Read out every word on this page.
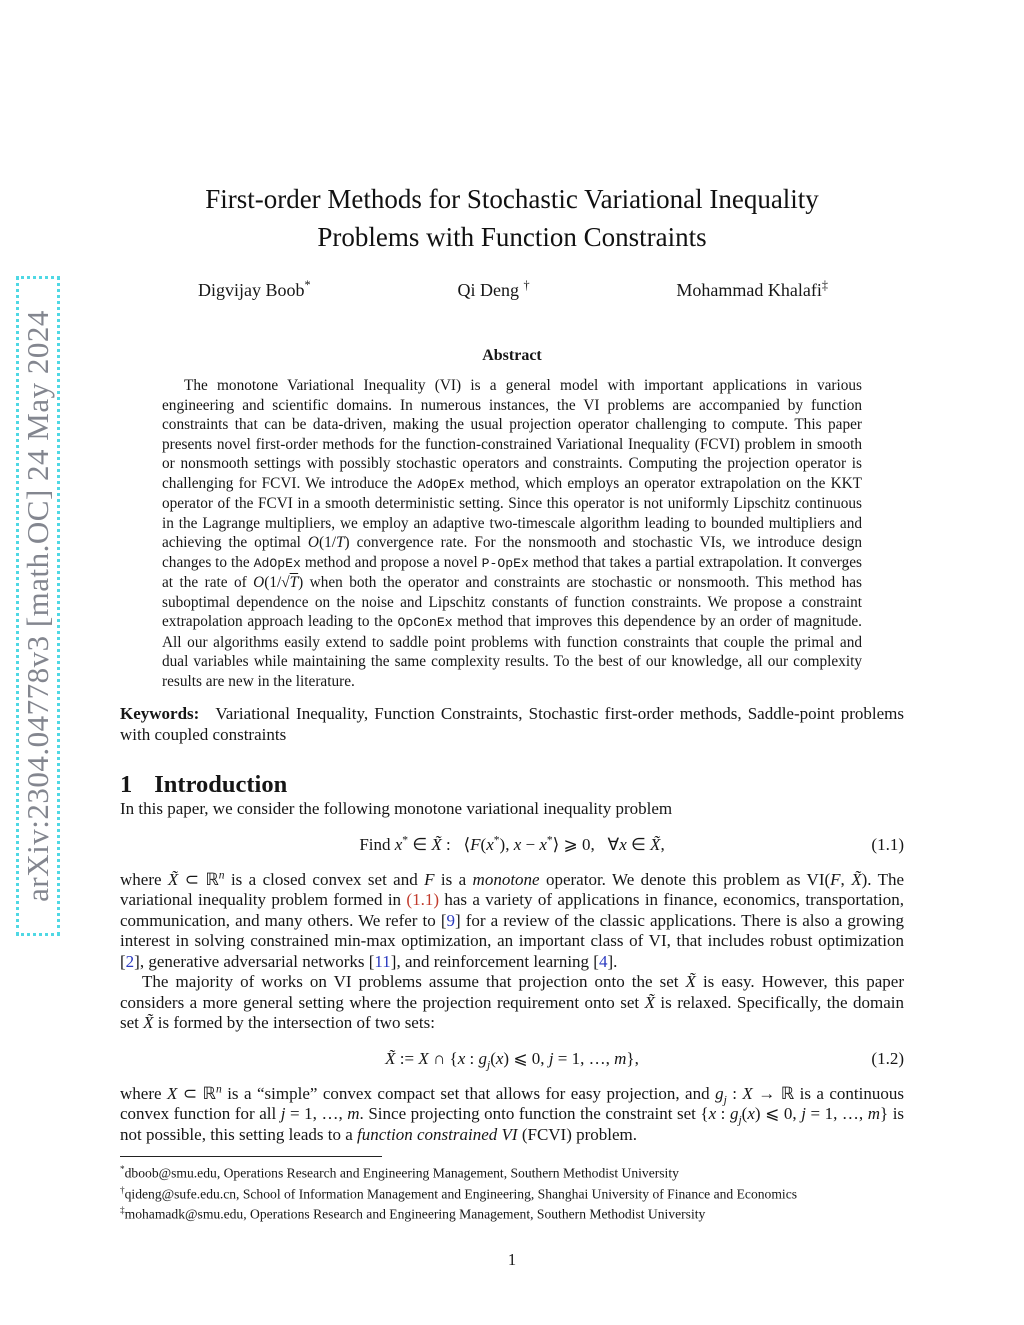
arXiv:2304.04778v3 [math.OC] 24 May 2024
First-order Methods for Stochastic Variational Inequality
Problems with Function Constraints
Digvijay Boob*	Qi Deng †	Mohammad Khalafi‡
Abstract
The monotone Variational Inequality (VI) is a general model with important applications in various engineering and scientific domains. In numerous instances, the VI problems are accompanied by function constraints that can be data-driven, making the usual projection operator challenging to compute. This paper presents novel first-order methods for the function-constrained Variational Inequality (FCVI) problem in smooth or nonsmooth settings with possibly stochastic operators and constraints. Computing the projection operator is challenging for FCVI. We introduce the AdOpEx method, which employs an operator extrapolation on the KKT operator of the FCVI in a smooth deterministic setting. Since this operator is not uniformly Lipschitz continuous in the Lagrange multipliers, we employ an adaptive two-timescale algorithm leading to bounded multipliers and achieving the optimal O(1/T) convergence rate. For the nonsmooth and stochastic VIs, we introduce design changes to the AdOpEx method and propose a novel P-OpEx method that takes a partial extrapolation. It converges at the rate of O(1/√T) when both the operator and constraints are stochastic or nonsmooth. This method has suboptimal dependence on the noise and Lipschitz constants of function constraints. We propose a constraint extrapolation approach leading to the OpConEx method that improves this dependence by an order of magnitude. All our algorithms easily extend to saddle point problems with function constraints that couple the primal and dual variables while maintaining the same complexity results. To the best of our knowledge, all our complexity results are new in the literature.
Keywords: Variational Inequality, Function Constraints, Stochastic first-order methods, Saddle-point problems with coupled constraints
1 Introduction

In this paper, we consider the following monotone variational inequality problem

Find x* ∈ X̃ :  ⟨F(x*), x − x*⟩ ⩾ 0,  ∀x ∈ X̃,	(1.1)

where X̃ ⊂ ℝ$^n$ is a closed convex set and F is a monotone operator. We denote this problem as VI(F, X̃). The variational inequality problem formed in (1.1) has a variety of applications in finance, economics, transportation, communication, and many others. We refer to [9] for a review of the classic applications. There is also a growing interest in solving constrained min-max optimization, an important class of VI, that includes robust optimization [2], generative adversarial networks [11], and reinforcement learning [4].

The majority of works on VI problems assume that projection onto the set X̃ is easy. However, this paper considers a more general setting where the projection requirement onto set X̃ is relaxed. Specifically, the domain set X̃ is formed by the intersection of two sets:

X̃ := X ∩ {x : $g_j(x)$ ⩽ 0, j = 1, …, m},	(1.2)

where X ⊂ ℝ$^n$ is a “simple” convex compact set that allows for easy projection, and $g_j$ : X → ℝ is a continuous convex function for all j = 1, …, m. Since projecting onto function the constraint set {x : $g_j(x)$ ⩽ 0, j = 1, …, m} is not possible, this setting leads to a function constrained VI (FCVI) problem.

*dboob@smu.edu, Operations Research and Engineering Management, Southern Methodist University
†qideng@sufe.edu.cn, School of Information Management and Engineering, Shanghai University of Finance and Economics
‡mohamadk@smu.edu, Operations Research and Engineering Management, Southern Methodist University
1
